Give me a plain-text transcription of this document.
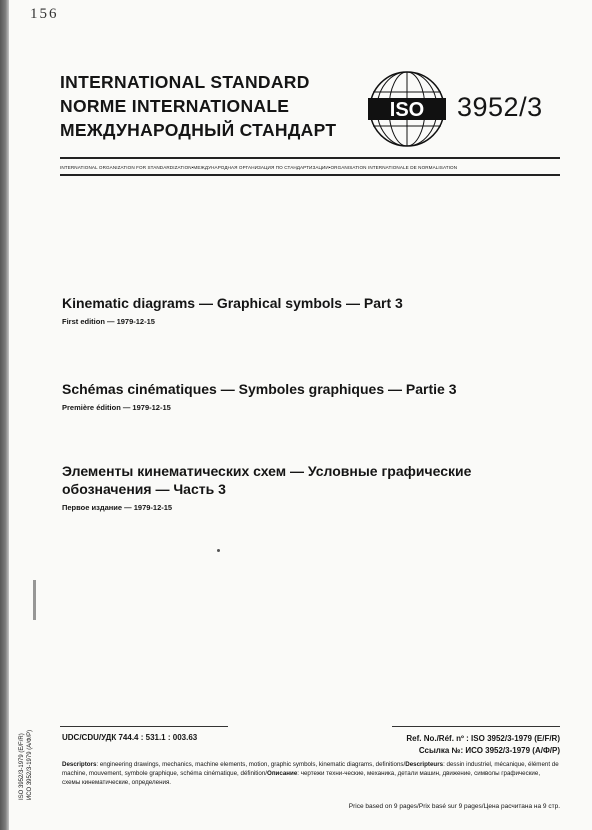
156
INTERNATIONAL STANDARD
NORME INTERNATIONALE
МЕЖДУНАРОДНЫЙ СТАНДАРТ
ISO 3952/3
INTERNATIONAL ORGANIZATION FOR STANDARDIZATION•МЕЖДУНАРОДНАЯ ОРГАНИЗАЦИЯ ПО СТАНДАРТИЗАЦИИ•ORGANISATION INTERNATIONALE DE NORMALISATION
Kinematic diagrams — Graphical symbols — Part 3
First edition — 1979-12-15
Schémas cinématiques — Symboles graphiques — Partie 3
Première édition — 1979-12-15
Элементы кинематических схем — Условные графические обозначения — Часть 3
Первое издание — 1979-12-15
UDC/CDU/УДК 744.4 : 531.1 : 003.63	Ref. No./Réf. nº : ISO 3952/3-1979 (E/F/R)
Ссылка №: ИСО 3952/3-1979 (А/Ф/Р)
Descriptors: engineering drawings, mechanics, machine elements, motion, graphic symbols, kinematic diagrams, definitions/Descripteurs: dessin industriel, mécanique, élément de machine, mouvement, symbole graphique, schéma cinématique, définition/Описание: чертежи техни-ческие, механика, детали машин, движение, символы графические, схемы кинематические, определения.
Price based on 9 pages/Prix basé sur 9 pages/Цена расчитана на 9 стр.
ISO 3952/3-1979 (E/F/R) ИСО 3952/3-1979 (А/Ф/Р)
